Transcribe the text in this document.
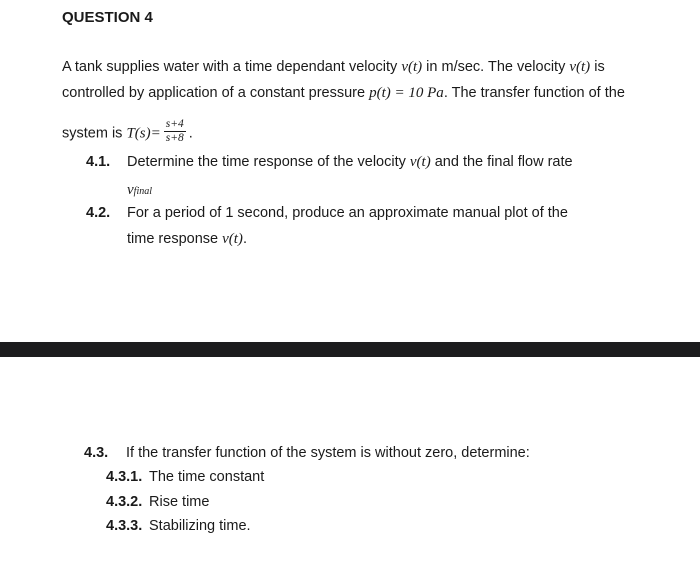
QUESTION 4
A tank supplies water with a time dependant velocity v(t) in m/sec. The velocity v(t) is
controlled by application of a constant pressure p(t) = 10 Pa. The transfer function of the
system is $T(s)= \frac{s+4}{s+8}$ .
4.1. Determine the time response of the velocity v(t) and the final flow rate
vfinal
4.2. For a period of 1 second, produce an approximate manual plot of the
time response v(t).
4.3. If the transfer function of the system is without zero, determine:
4.3.1. The time constant
4.3.2. Rise time
4.3.3. Stabilizing time.
